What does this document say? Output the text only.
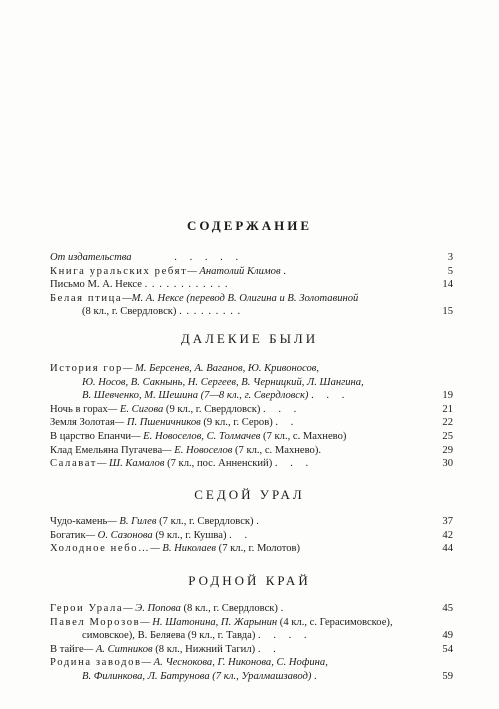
СОДЕРЖАНИЕ
От издательства	. . . . .	3
Книга уральских ребят— Анатолий Климов .	5
Письмо М. А. Нексе . . . . . . . . . . . .	14
Белая птица—М. А. Нексе (перевод В. Олигина и В. Золотавиной
(8 кл., г. Свердловск) . . . . . . . . .	15
ДАЛЕКИЕ БЫЛИ
История гор— М. Берсенев, А. Ваганов, Ю. Кривоносов,
Ю. Носов, В. Сакнынь, Н. Сергеев, В. Черницкий, Л. Шангина,
В. Шевченко, М. Шешина (7—8 кл., г. Свердловск) . . .	19
Ночь в горах— Е. Сигова (9 кл., г. Свердловск) . . .	21
Земля Золотая— П. Пшеничников (9 кл., г. Серов) . .	22
В царство Епанчи— Е. Новоселов, С. Толмачев (7 кл., с. Махнево)	25
Клад Емельяна Пугачева— Е. Новоселов (7 кл., с. Махнево).	29
Салават— Ш. Камалов (7 кл., пос. Анненский) . . .	30
СЕДОЙ УРАЛ
Чудо-камень— В. Гилев (7 кл., г. Свердловск) .	37
Богатик— О. Сазонова (9 кл., г. Кушва) . .	42
Холодное небо…— В. Николаев (7 кл., г. Молотов)	44
РОДНОЙ КРАЙ
Герои Урала— Э. Попова (8 кл., г. Свердловск) .	45
Павел Морозов— Н. Шатонина, П. Жарынин (4 кл., с. Герасимовское),
симовское), В. Беляева (9 кл., г. Тавда) . . . .	49
В тайге— А. Ситников (8 кл., Нижний Тагил) . .	54
Родина заводов— А. Чеснокова, Г. Никонова, С. Нофина,
В. Филинкова, Л. Батрунова (7 кл., Уралмашзавод) .	59
